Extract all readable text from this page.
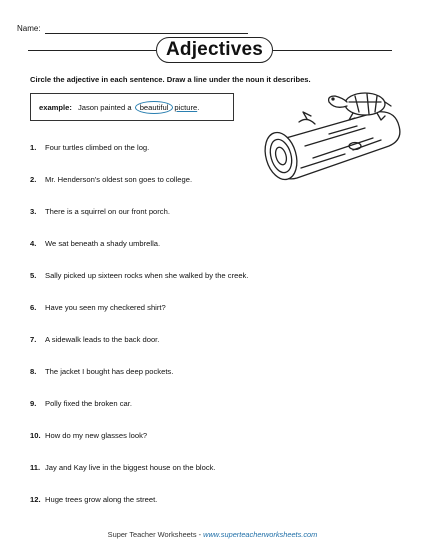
Name:
Adjectives
Circle the adjective in each sentence. Draw a line under the noun it describes.
example: Jason painted a
	beautiful picture .
1. Four turtles climbed on the log.
2. Mr. Henderson's oldest son goes to college.
3. There is a squirrel on our front porch.
4. We sat beneath a shady umbrella.
5. Sally picked up sixteen rocks when she walked by the creek.
6. Have you seen my checkered shirt?
7. A sidewalk leads to the back door.
8. The jacket I bought has deep pockets.
9. Polly fixed the broken car.
10. How do my new glasses look?
11. Jay and Kay live in the biggest house on the block.
12. Huge trees grow along the street.
Super Teacher Worksheets - www.superteacherworksheets.com
